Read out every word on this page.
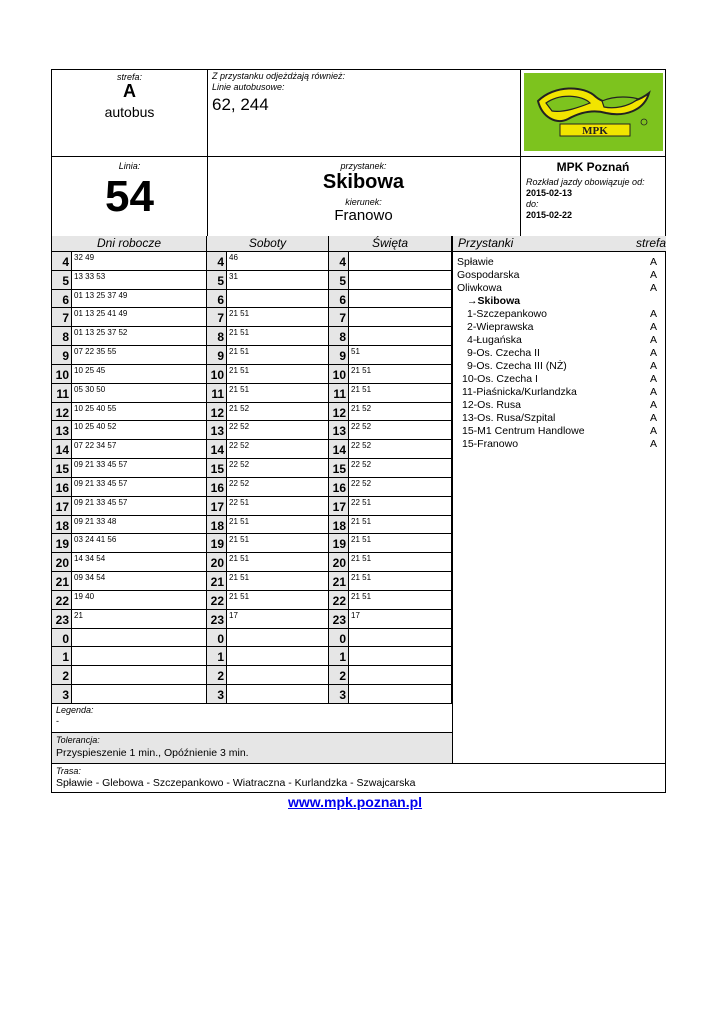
strefa:
A
autobus
Z przystanku odjeżdżają również:
Linie autobusowe:
62, 244
MPK
Linia:
54
przystanek:
Skibowa
kierunek:
Franowo
MPK Poznań
Rozkład jazdy obowiązuje od:
2015-02-13
do:
2015-02-22
Dni robocze	Soboty	Święta	Przystanki	strefa
4 32 49	4 46	4
5 13 33 53	5 31	5
6 01 13 25 37 49	6	6
7 01 13 25 41 49	7 21 51	7
8 01 13 25 37 52	8 21 51	8
9 07 22 35 55	9 21 51	9 51
10 10 25 45	10 21 51	10 21 51
11 05 30 50	11 21 51	11 21 51
12 10 25 40 55	12 21 52	12 21 52
13 10 25 40 52	13 22 52	13 22 52
14 07 22 34 57	14 22 52	14 22 52
15 09 21 33 45 57	15 22 52	15 22 52
16 09 21 33 45 57	16 22 52	16 22 52
17 09 21 33 45 57	17 22 51	17 22 51
18 09 21 33 48	18 21 51	18 21 51
19 03 24 41 56	19 21 51	19 21 51
20 14 34 54	20 21 51	20 21 51
21 09 34 54	21 21 51	21 21 51
22 19 40	22 21 51	22 21 51
23 21	23 17	23 17
0	0	0
1	1	1
2	2	2
3	3	3
Spławie	A
Gospodarska	A
Oliwkowa	A
→Skibowa
1-Szczepankowo	A
2-Wieprawska	A
4-Ługańska	A
9-Os. Czecha II	A
9-Os. Czecha III (NŻ)	A
10-Os. Czecha I	A
11-Piaśnicka/Kurlandzka	A
12-Os. Rusa	A
13-Os. Rusa/Szpital	A
15-M1 Centrum Handlowe	A
15-Franowo	A
Legenda:
-
Tolerancja:
Przyspieszenie 1 min., Opóźnienie 3 min.
Trasa:
Spławie - Glebowa - Szczepankowo - Wiatraczna - Kurlandzka - Szwajcarska
www.mpk.poznan.pl
